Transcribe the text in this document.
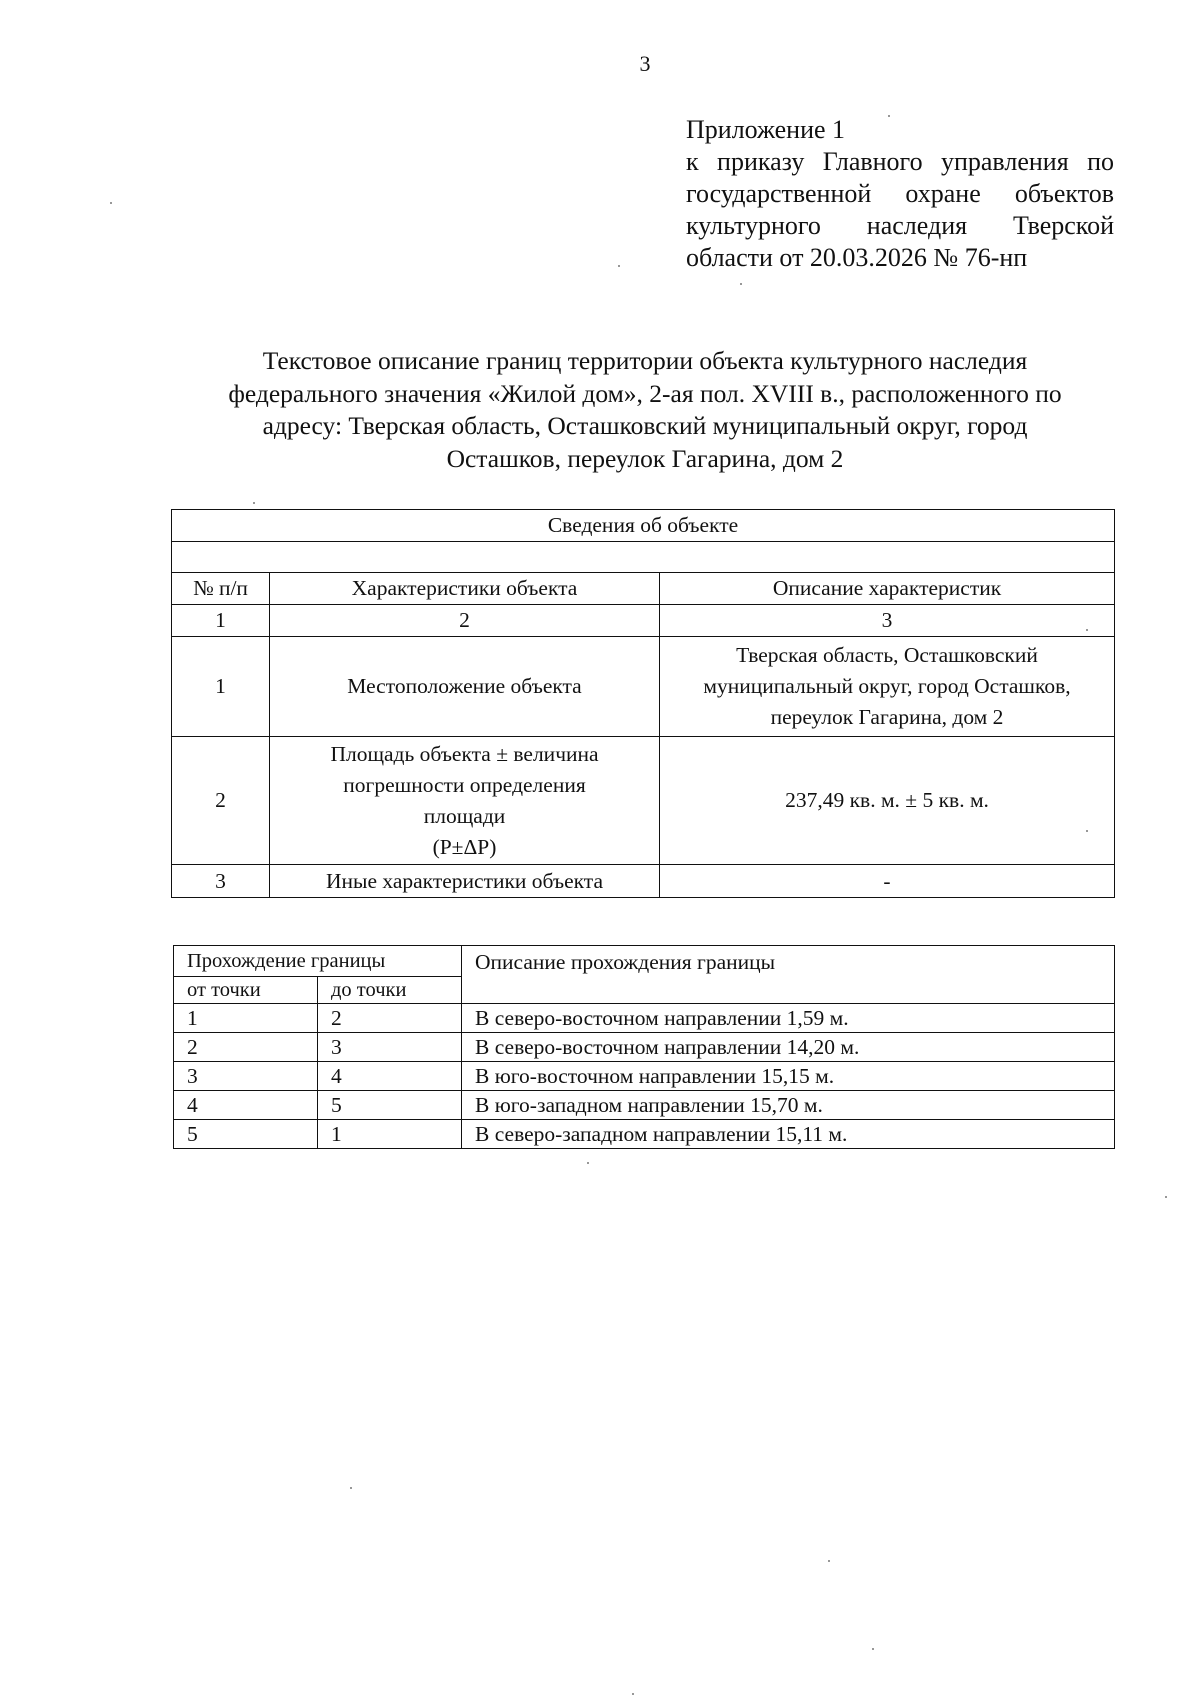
3
Приложение 1
к приказу Главного управления по государственной охране объектов культурного наследия Тверской области от 20.03.2026 № 76-нп
Текстовое описание границ территории объекта культурного наследия
федерального значения «Жилой дом», 2-ая пол. XVIII в., расположенного по
адресу: Тверская область, Осташковский муниципальный округ, город
Осташков, переулок Гагарина, дом 2
Сведения об объекте		

№ п/п	Характеристики объекта	Описание характеристик
1	2	3
1	Местоположение объекта	Тверская область, Осташковский
муниципальный округ, город Осташков,
переулок Гагарина, дом 2

2	Площадь объекта ± величина
погрешности определения
площади
(P±ΔP)	237,49 кв. м. ± 5 кв. м.

3	Иные характеристики объекта	-
Прохождение границы		Описание прохождения границы
от точки	до точки	
1	2	В северо-восточном направлении 1,59 м.
2	3	В северо-восточном направлении 14,20 м.
3	4	В юго-восточном направлении 15,15 м.
4	5	В юго-западном направлении 15,70 м.
5	1	В северо-западном направлении 15,11 м.
